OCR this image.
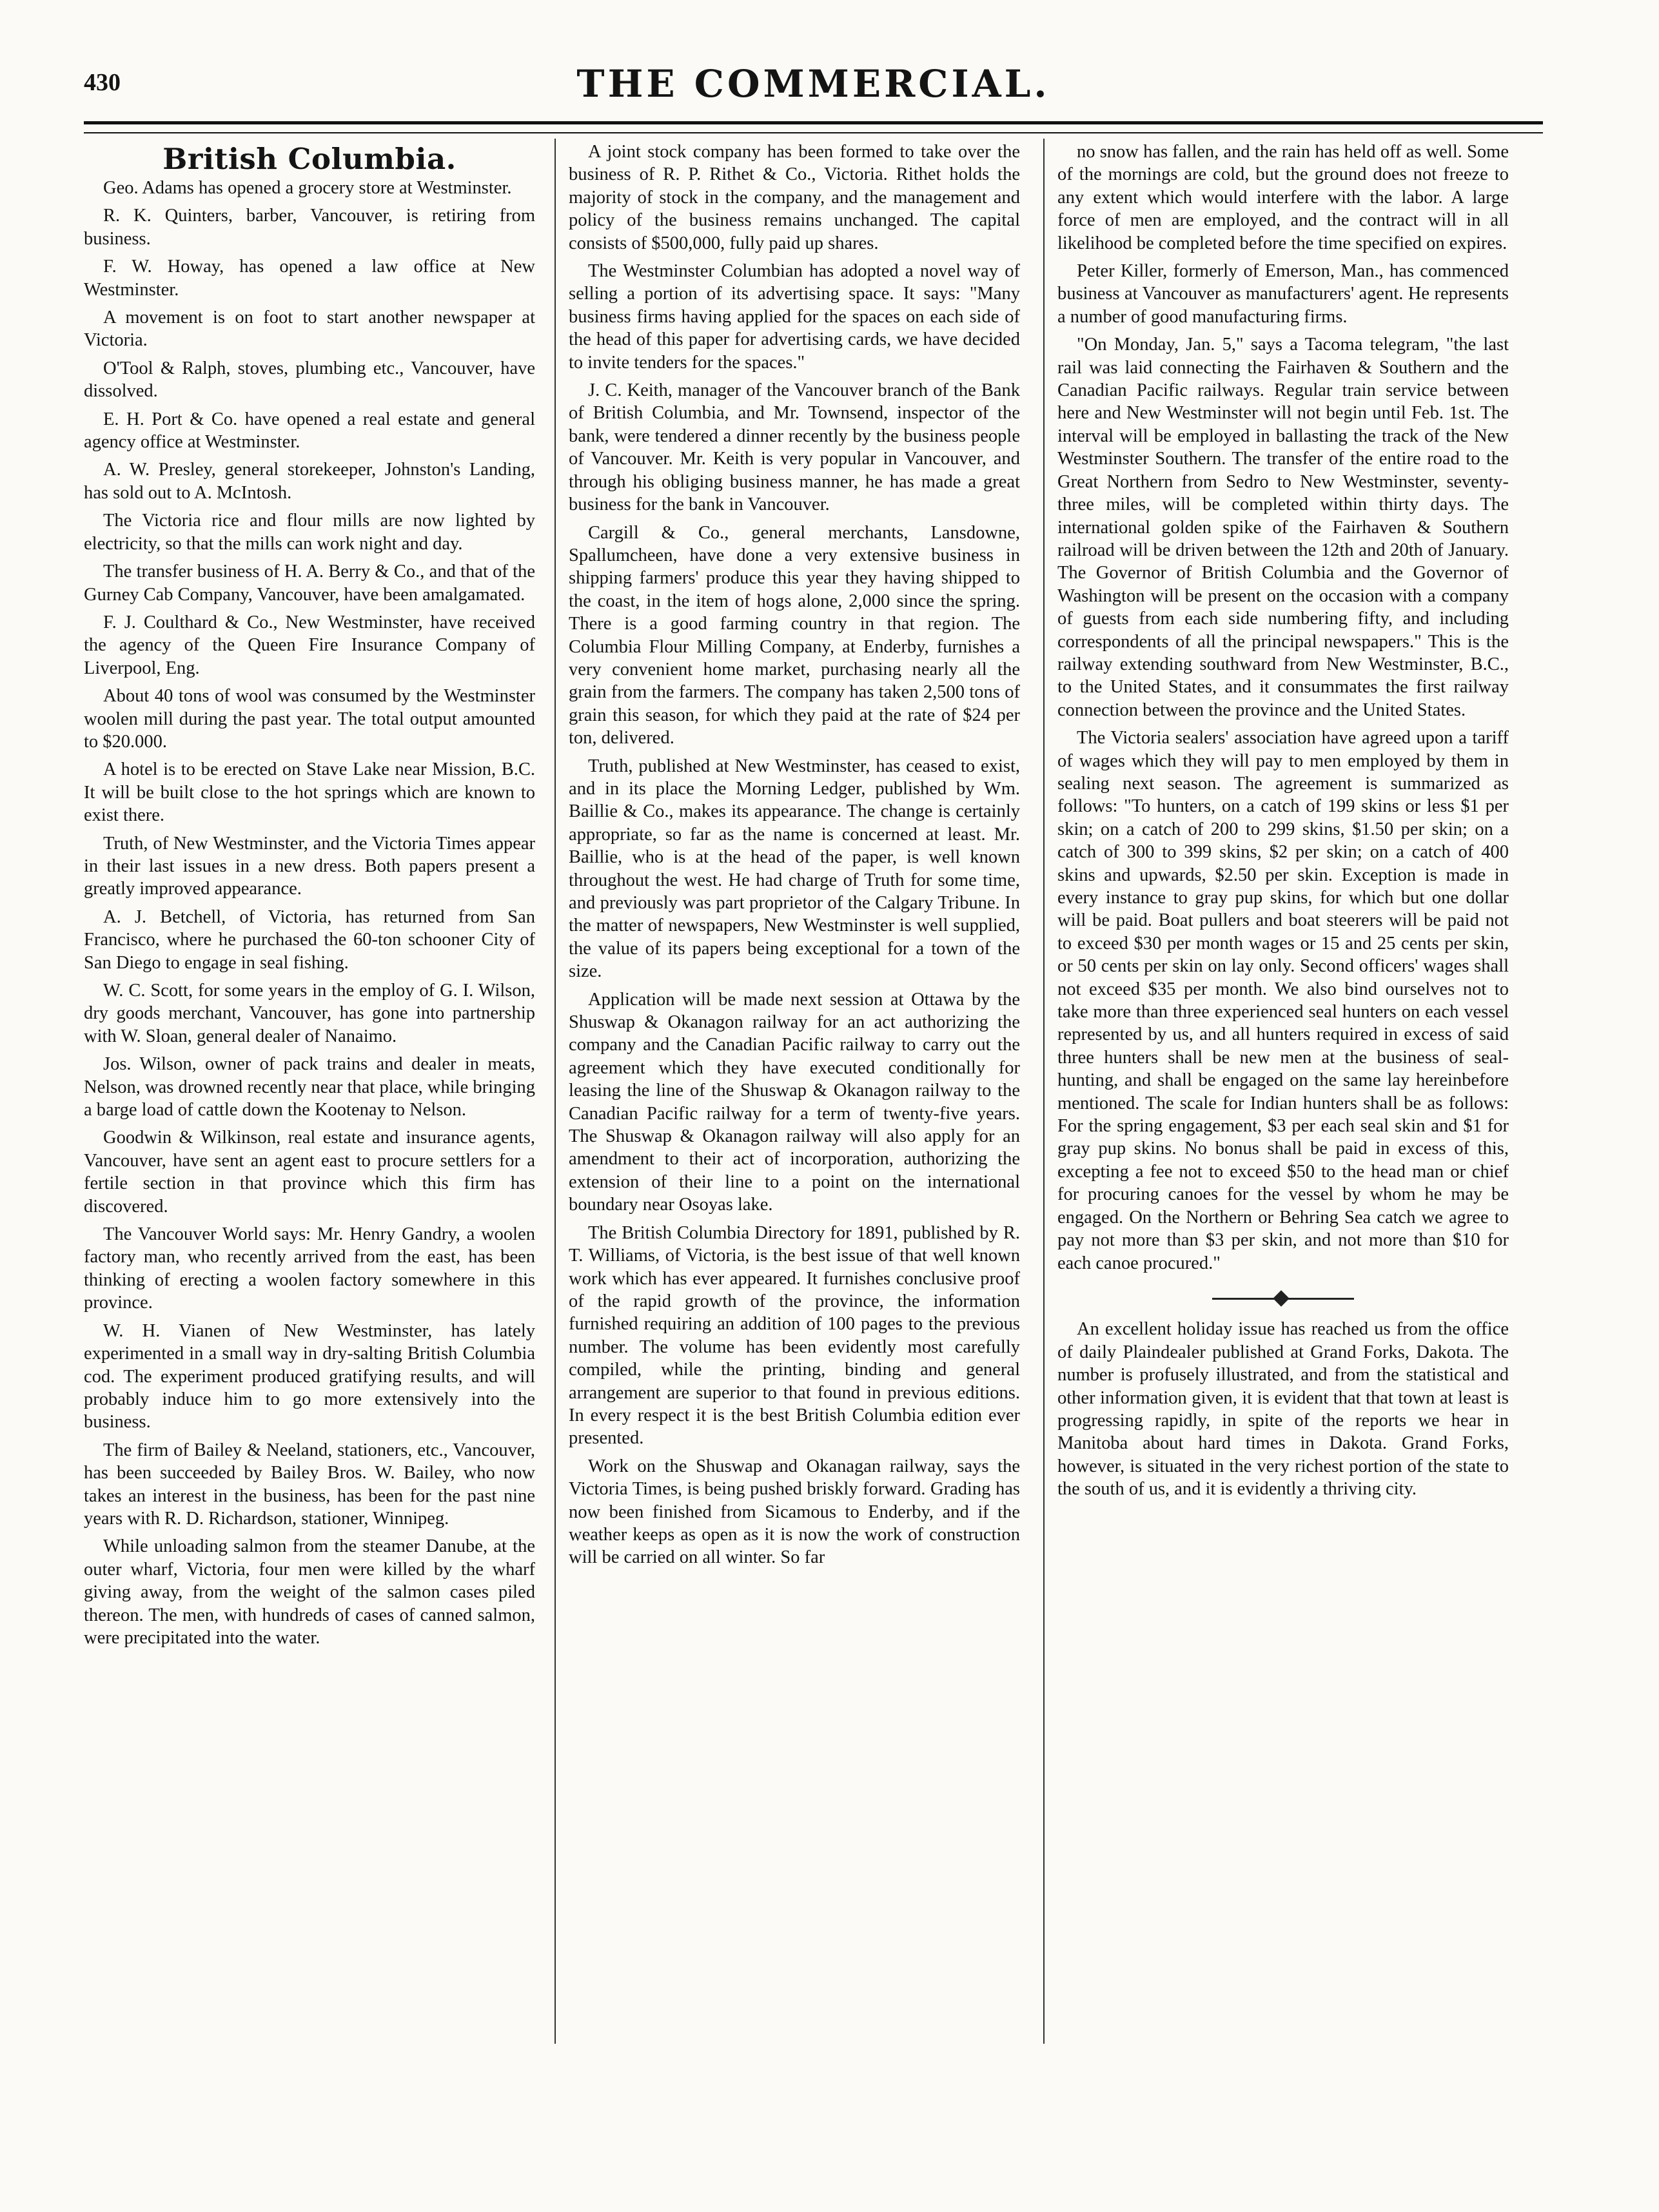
430	THE COMMERCIAL.
British Columbia.

Geo. Adams has opened a grocery store at Westminster.

R. K. Quinters, barber, Vancouver, is retiring from business.

F. W. Howay, has opened a law office at New Westminster.

A movement is on foot to start another newspaper at Victoria.

O'Tool & Ralph, stoves, plumbing etc., Vancouver, have dissolved.

E. H. Port & Co. have opened a real estate and general agency office at Westminster.

A. W. Presley, general storekeeper, Johnston's Landing, has sold out to A. McIntosh.

The Victoria rice and flour mills are now lighted by electricity, so that the mills can work night and day.

The transfer business of H. A. Berry & Co., and that of the Gurney Cab Company, Vancouver, have been amalgamated.

F. J. Coulthard & Co., New Westminster, have received the agency of the Queen Fire Insurance Company of Liverpool, Eng.

About 40 tons of wool was consumed by the Westminster woolen mill during the past year. The total output amounted to $20.000.

A hotel is to be erected on Stave Lake near Mission, B.C. It will be built close to the hot springs which are known to exist there.

Truth, of New Westminster, and the Victoria Times appear in their last issues in a new dress. Both papers present a greatly improved appearance.

A. J. Betchell, of Victoria, has returned from San Francisco, where he purchased the 60-ton schooner City of San Diego to engage in seal fishing.

W. C. Scott, for some years in the employ of G. I. Wilson, dry goods merchant, Vancouver, has gone into partnership with W. Sloan, general dealer of Nanaimo.

Jos. Wilson, owner of pack trains and dealer in meats, Nelson, was drowned recently near that place, while bringing a barge load of cattle down the Kootenay to Nelson.

Goodwin & Wilkinson, real estate and insurance agents, Vancouver, have sent an agent east to procure settlers for a fertile section in that province which this firm has discovered.

The Vancouver World says: Mr. Henry Gandry, a woolen factory man, who recently arrived from the east, has been thinking of erecting a woolen factory somewhere in this province.

W. H. Vianen of New Westminster, has lately experimented in a small way in dry-salting British Columbia cod. The experiment produced gratifying results, and will probably induce him to go more extensively into the business.

The firm of Bailey & Neeland, stationers, etc., Vancouver, has been succeeded by Bailey Bros. W. Bailey, who now takes an interest in the business, has been for the past nine years with R. D. Richardson, stationer, Winnipeg.

While unloading salmon from the steamer Danube, at the outer wharf, Victoria, four men were killed by the wharf giving away, from the weight of the salmon cases piled thereon. The men, with hundreds of cases of canned salmon, were precipitated into the water.

A joint stock company has been formed to take over the business of R. P. Rithet & Co., Victoria. Rithet holds the majority of stock in the company, and the management and policy of the business remains unchanged. The capital consists of $500,000, fully paid up shares.

The Westminster Columbian has adopted a novel way of selling a portion of its advertising space. It says: "Many business firms having applied for the spaces on each side of the head of this paper for advertising cards, we have decided to invite tenders for the spaces."

J. C. Keith, manager of the Vancouver branch of the Bank of British Columbia, and Mr. Townsend, inspector of the bank, were tendered a dinner recently by the business people of Vancouver. Mr. Keith is very popular in Vancouver, and through his obliging business manner, he has made a great business for the bank in Vancouver.

Cargill & Co., general merchants, Lansdowne, Spallumcheen, have done a very extensive business in shipping farmers' produce this year they having shipped to the coast, in the item of hogs alone, 2,000 since the spring. There is a good farming country in that region. The Columbia Flour Milling Company, at Enderby, furnishes a very convenient home market, purchasing nearly all the grain from the farmers. The company has taken 2,500 tons of grain this season, for which they paid at the rate of $24 per ton, delivered.

Truth, published at New Westminster, has ceased to exist, and in its place the Morning Ledger, published by Wm. Baillie & Co., makes its appearance. The change is certainly appropriate, so far as the name is concerned at least. Mr. Baillie, who is at the head of the paper, is well known throughout the west. He had charge of Truth for some time, and previously was part proprietor of the Calgary Tribune. In the matter of newspapers, New Westminster is well supplied, the value of its papers being exceptional for a town of the size.

Application will be made next session at Ottawa by the Shuswap & Okanagon railway for an act authorizing the company and the Canadian Pacific railway to carry out the agreement which they have executed conditionally for leasing the line of the Shuswap & Okanagon railway to the Canadian Pacific railway for a term of twenty-five years. The Shuswap & Okanagon railway will also apply for an amendment to their act of incorporation, authorizing the extension of their line to a point on the international boundary near Osoyas lake.

The British Columbia Directory for 1891, published by R. T. Williams, of Victoria, is the best issue of that well known work which has ever appeared. It furnishes conclusive proof of the rapid growth of the province, the information furnished requiring an addition of 100 pages to the previous number. The volume has been evidently most carefully compiled, while the printing, binding and general arrangement are superior to that found in previous editions. In every respect it is the best British Columbia edition ever presented.

Work on the Shuswap and Okanagan railway, says the Victoria Times, is being pushed briskly forward. Grading has now been finished from Sicamous to Enderby, and if the weather keeps as open as it is now the work of construction will be carried on all winter. So far

no snow has fallen, and the rain has held off as well. Some of the mornings are cold, but the ground does not freeze to any extent which would interfere with the labor. A large force of men are employed, and the contract will in all likelihood be completed before the time specified on expires.

Peter Killer, formerly of Emerson, Man., has commenced business at Vancouver as manufacturers' agent. He represents a number of good manufacturing firms.

"On Monday, Jan. 5," says a Tacoma telegram, "the last rail was laid connecting the Fairhaven & Southern and the Canadian Pacific railways. Regular train service between here and New Westminster will not begin until Feb. 1st. The interval will be employed in ballasting the track of the New Westminster Southern. The transfer of the entire road to the Great Northern from Sedro to New Westminster, seventy-three miles, will be completed within thirty days. The international golden spike of the Fairhaven & Southern railroad will be driven between the 12th and 20th of January. The Governor of British Columbia and the Governor of Washington will be present on the occasion with a company of guests from each side numbering fifty, and including correspondents of all the principal newspapers." This is the railway extending southward from New Westminster, B.C., to the United States, and it consummates the first railway connection between the province and the United States.

The Victoria sealers' association have agreed upon a tariff of wages which they will pay to men employed by them in sealing next season. The agreement is summarized as follows: "To hunters, on a catch of 199 skins or less $1 per skin; on a catch of 200 to 299 skins, $1.50 per skin; on a catch of 300 to 399 skins, $2 per skin; on a catch of 400 skins and upwards, $2.50 per skin. Exception is made in every instance to gray pup skins, for which but one dollar will be paid. Boat pullers and boat steerers will be paid not to exceed $30 per month wages or 15 and 25 cents per skin, or 50 cents per skin on lay only. Second officers' wages shall not exceed $35 per month. We also bind ourselves not to take more than three experienced seal hunters on each vessel represented by us, and all hunters required in excess of said three hunters shall be new men at the business of seal-hunting, and shall be engaged on the same lay hereinbefore mentioned. The scale for Indian hunters shall be as follows: For the spring engagement, $3 per each seal skin and $1 for gray pup skins. No bonus shall be paid in excess of this, excepting a fee not to exceed $50 to the head man or chief for procuring canoes for the vessel by whom he may be engaged. On the Northern or Behring Sea catch we agree to pay not more than $3 per skin, and not more than $10 for each canoe procured."

An excellent holiday issue has reached us from the office of daily Plaindealer published at Grand Forks, Dakota. The number is profusely illustrated, and from the statistical and other information given, it is evident that that town at least is progressing rapidly, in spite of the reports we hear in Manitoba about hard times in Dakota. Grand Forks, however, is situated in the very richest portion of the state to the south of us, and it is evidently a thriving city.
